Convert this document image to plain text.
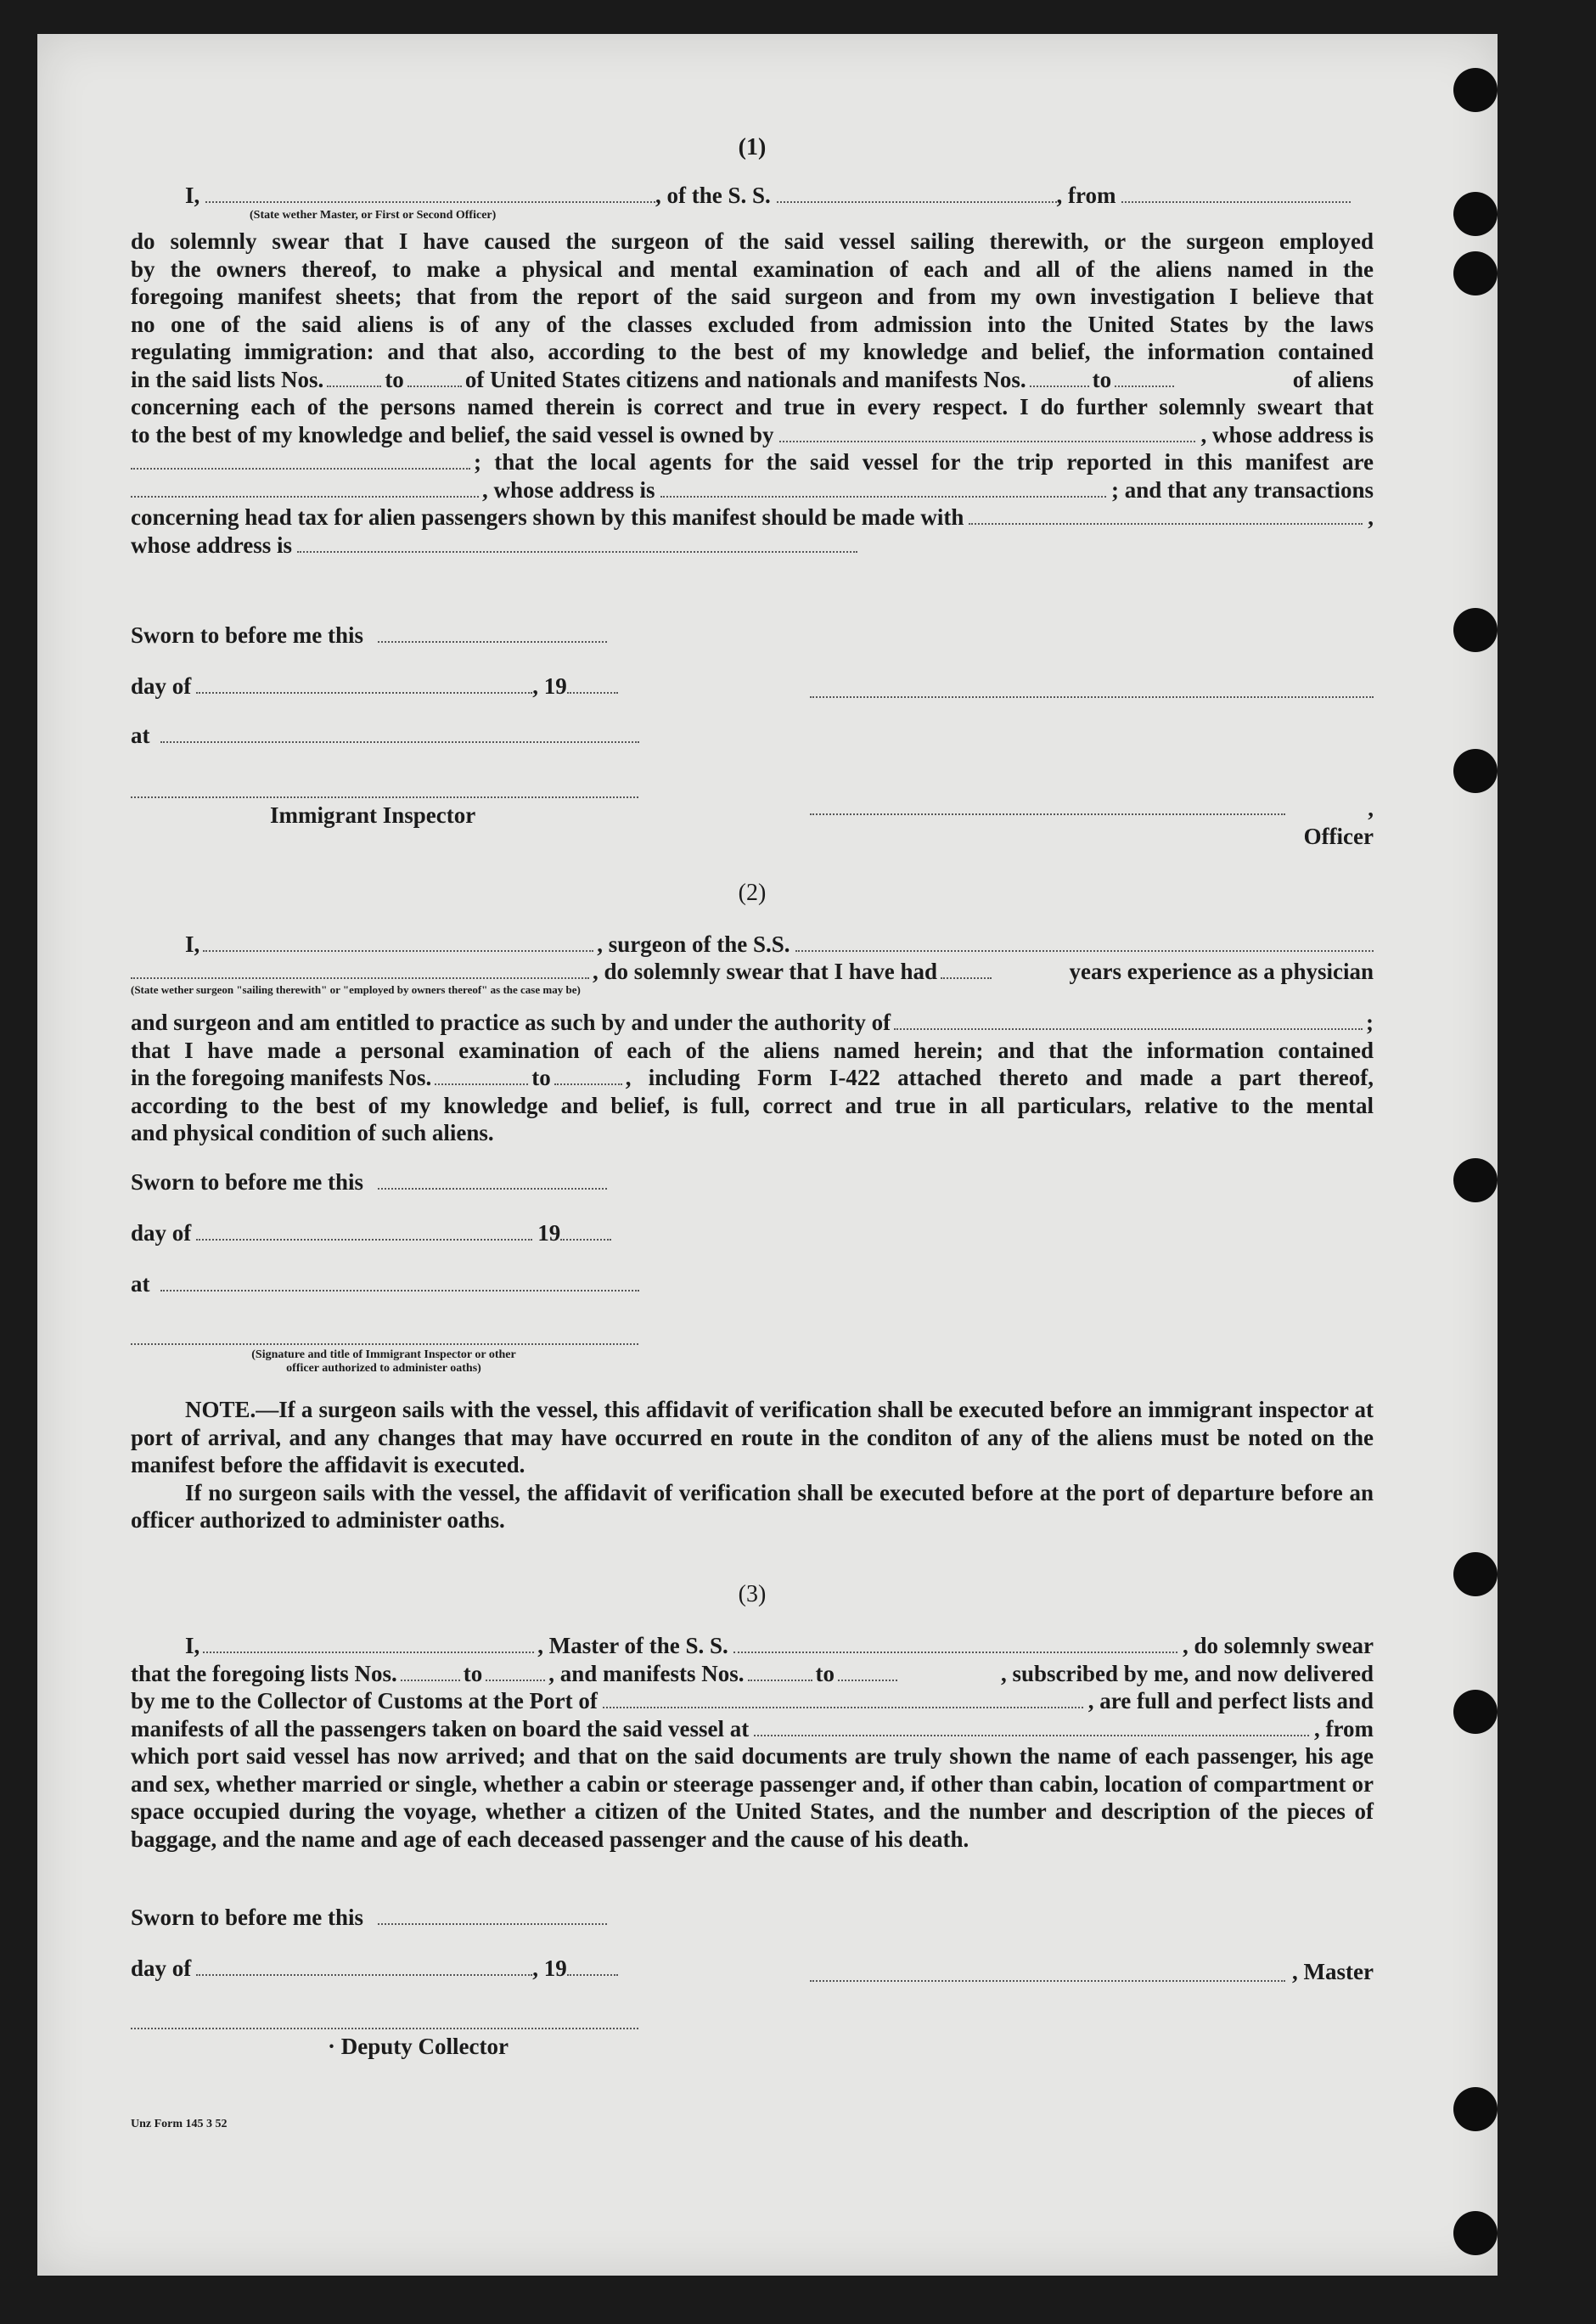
(1)
I,	, of the S. S.	, from
(State wether Master, or First or Second Officer)

do solemnly swear that I have caused the surgeon of the said vessel sailing therewith, or the surgeon employed

by the owners thereof, to make a physical and mental examination of each and all of the aliens named in the

foregoing manifest sheets; that from the report of the said surgeon and from my own investigation I believe that

no one of the said aliens is of any of the classes excluded from admission into the United States by the laws

regulating immigration: and that also, according to the best of my knowledge and belief, the information contained

in the said lists Nos.	to	of United States citizens and nationals and manifests Nos.	to	of aliens

concerning each of the persons named therein is correct and true in every respect. I do further solemnly sweart that

to the best of my knowledge and belief, the said vessel is owned by	, whose address is
; that the local agents for the said vessel for the trip reported in this manifest are
, whose address is	; and that any transactions
concerning head tax for alien passengers shown by this manifest should be made with	,
whose address is
Sworn to before me this
day of	, 19
at
Immigrant Inspector	, Officer
(2)
I,	, surgeon of the S.S.
, do solemnly swear that I have had	years experience as a physician
(State wether surgeon "sailing therewith" or "employed by owners thereof" as the case may be)
and surgeon and am entitled to practice as such by and under the authority of	;

that I have made a personal examination of each of the aliens named herein; and that the information contained

in the foregoing manifests Nos.	to	, including Form I-422 attached thereto and made a part thereof,

according to the best of my knowledge and belief, is full, correct and true in all particulars, relative to the mental

and physical condition of such aliens.

Sworn to before me this
day of	19
at
(Signature and title of Immigrant Inspector or other
officer authorized to administer oaths)

NOTE.—If a surgeon sails with the vessel, this affidavit of verification shall be executed before an immigrant inspector at port of arrival, and any changes that may have occurred en route in the conditon of any of the aliens must be noted on the manifest before the affidavit is executed.

If no surgeon sails with the vessel, the affidavit of verification shall be executed before at the port of departure before an officer authorized to administer oaths.

(3)
I,	, Master of the S. S.	, do solemnly swear
that the foregoing lists Nos.	to	, and manifests Nos.	to	, subscribed by me, and now delivered
by me to the Collector of Customs at the Port of	, are full and perfect lists and
manifests of all the passengers taken on board the said vessel at	, from

which port said vessel has now arrived; and that on the said documents are truly shown the name of each passenger, his age and sex, whether married or single, whether a cabin or steerage passenger and, if other than cabin, location of compartment or space occupied during the voyage, whether a citizen of the United States, and the number and description of the pieces of baggage, and the name and age of each deceased passenger and the cause of his death.

Sworn to before me this
day of	, 19	, Master
· Deputy Collector
Unz Form 145 3 52
